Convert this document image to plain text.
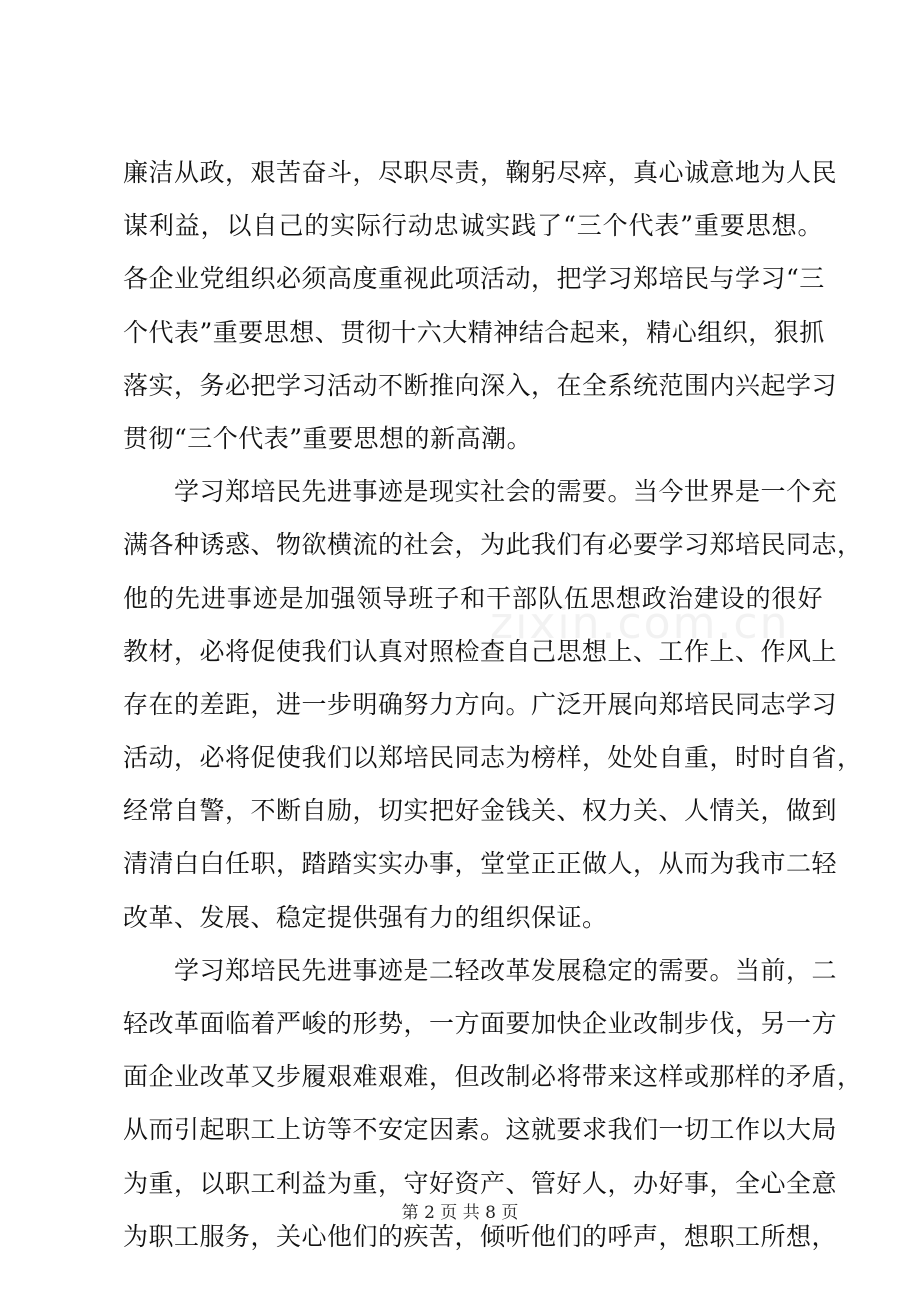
廉洁从政，艰苦奋斗，尽职尽责，鞠躬尽瘁，真心诚意地为人民
谋利益，以自己的实际行动忠诚实践了“三个代表”重要思想。
各企业党组织必须高度重视此项活动，把学习郑培民与学习“三
个代表”重要思想、贯彻十六大精神结合起来，精心组织，狠抓
落实，务必把学习活动不断推向深入，在全系统范围内兴起学习
贯彻“三个代表”重要思想的新高潮。
　　学习郑培民先进事迹是现实社会的需要。当今世界是一个充
满各种诱惑、物欲横流的社会，为此我们有必要学习郑培民同志，
他的先进事迹是加强领导班子和干部队伍思想政治建设的很好
教材，必将促使我们认真对照检查自己思想上、工作上、作风上
存在的差距，进一步明确努力方向。广泛开展向郑培民同志学习
活动，必将促使我们以郑培民同志为榜样，处处自重，时时自省，
经常自警，不断自励，切实把好金钱关、权力关、人情关，做到
清清白白任职，踏踏实实办事，堂堂正正做人，从而为我市二轻
改革、发展、稳定提供强有力的组织保证。
　　学习郑培民先进事迹是二轻改革发展稳定的需要。当前，二
轻改革面临着严峻的形势，一方面要加快企业改制步伐，另一方
面企业改革又步履艰难艰难，但改制必将带来这样或那样的矛盾，
从而引起职工上访等不安定因素。这就要求我们一切工作以大局
为重，以职工利益为重，守好资产、管好人，办好事，全心全意
为职工服务，关心他们的疾苦，倾听他们的呼声，想职工所想，
zixin.com.cn
第 2 页 共 8 页
